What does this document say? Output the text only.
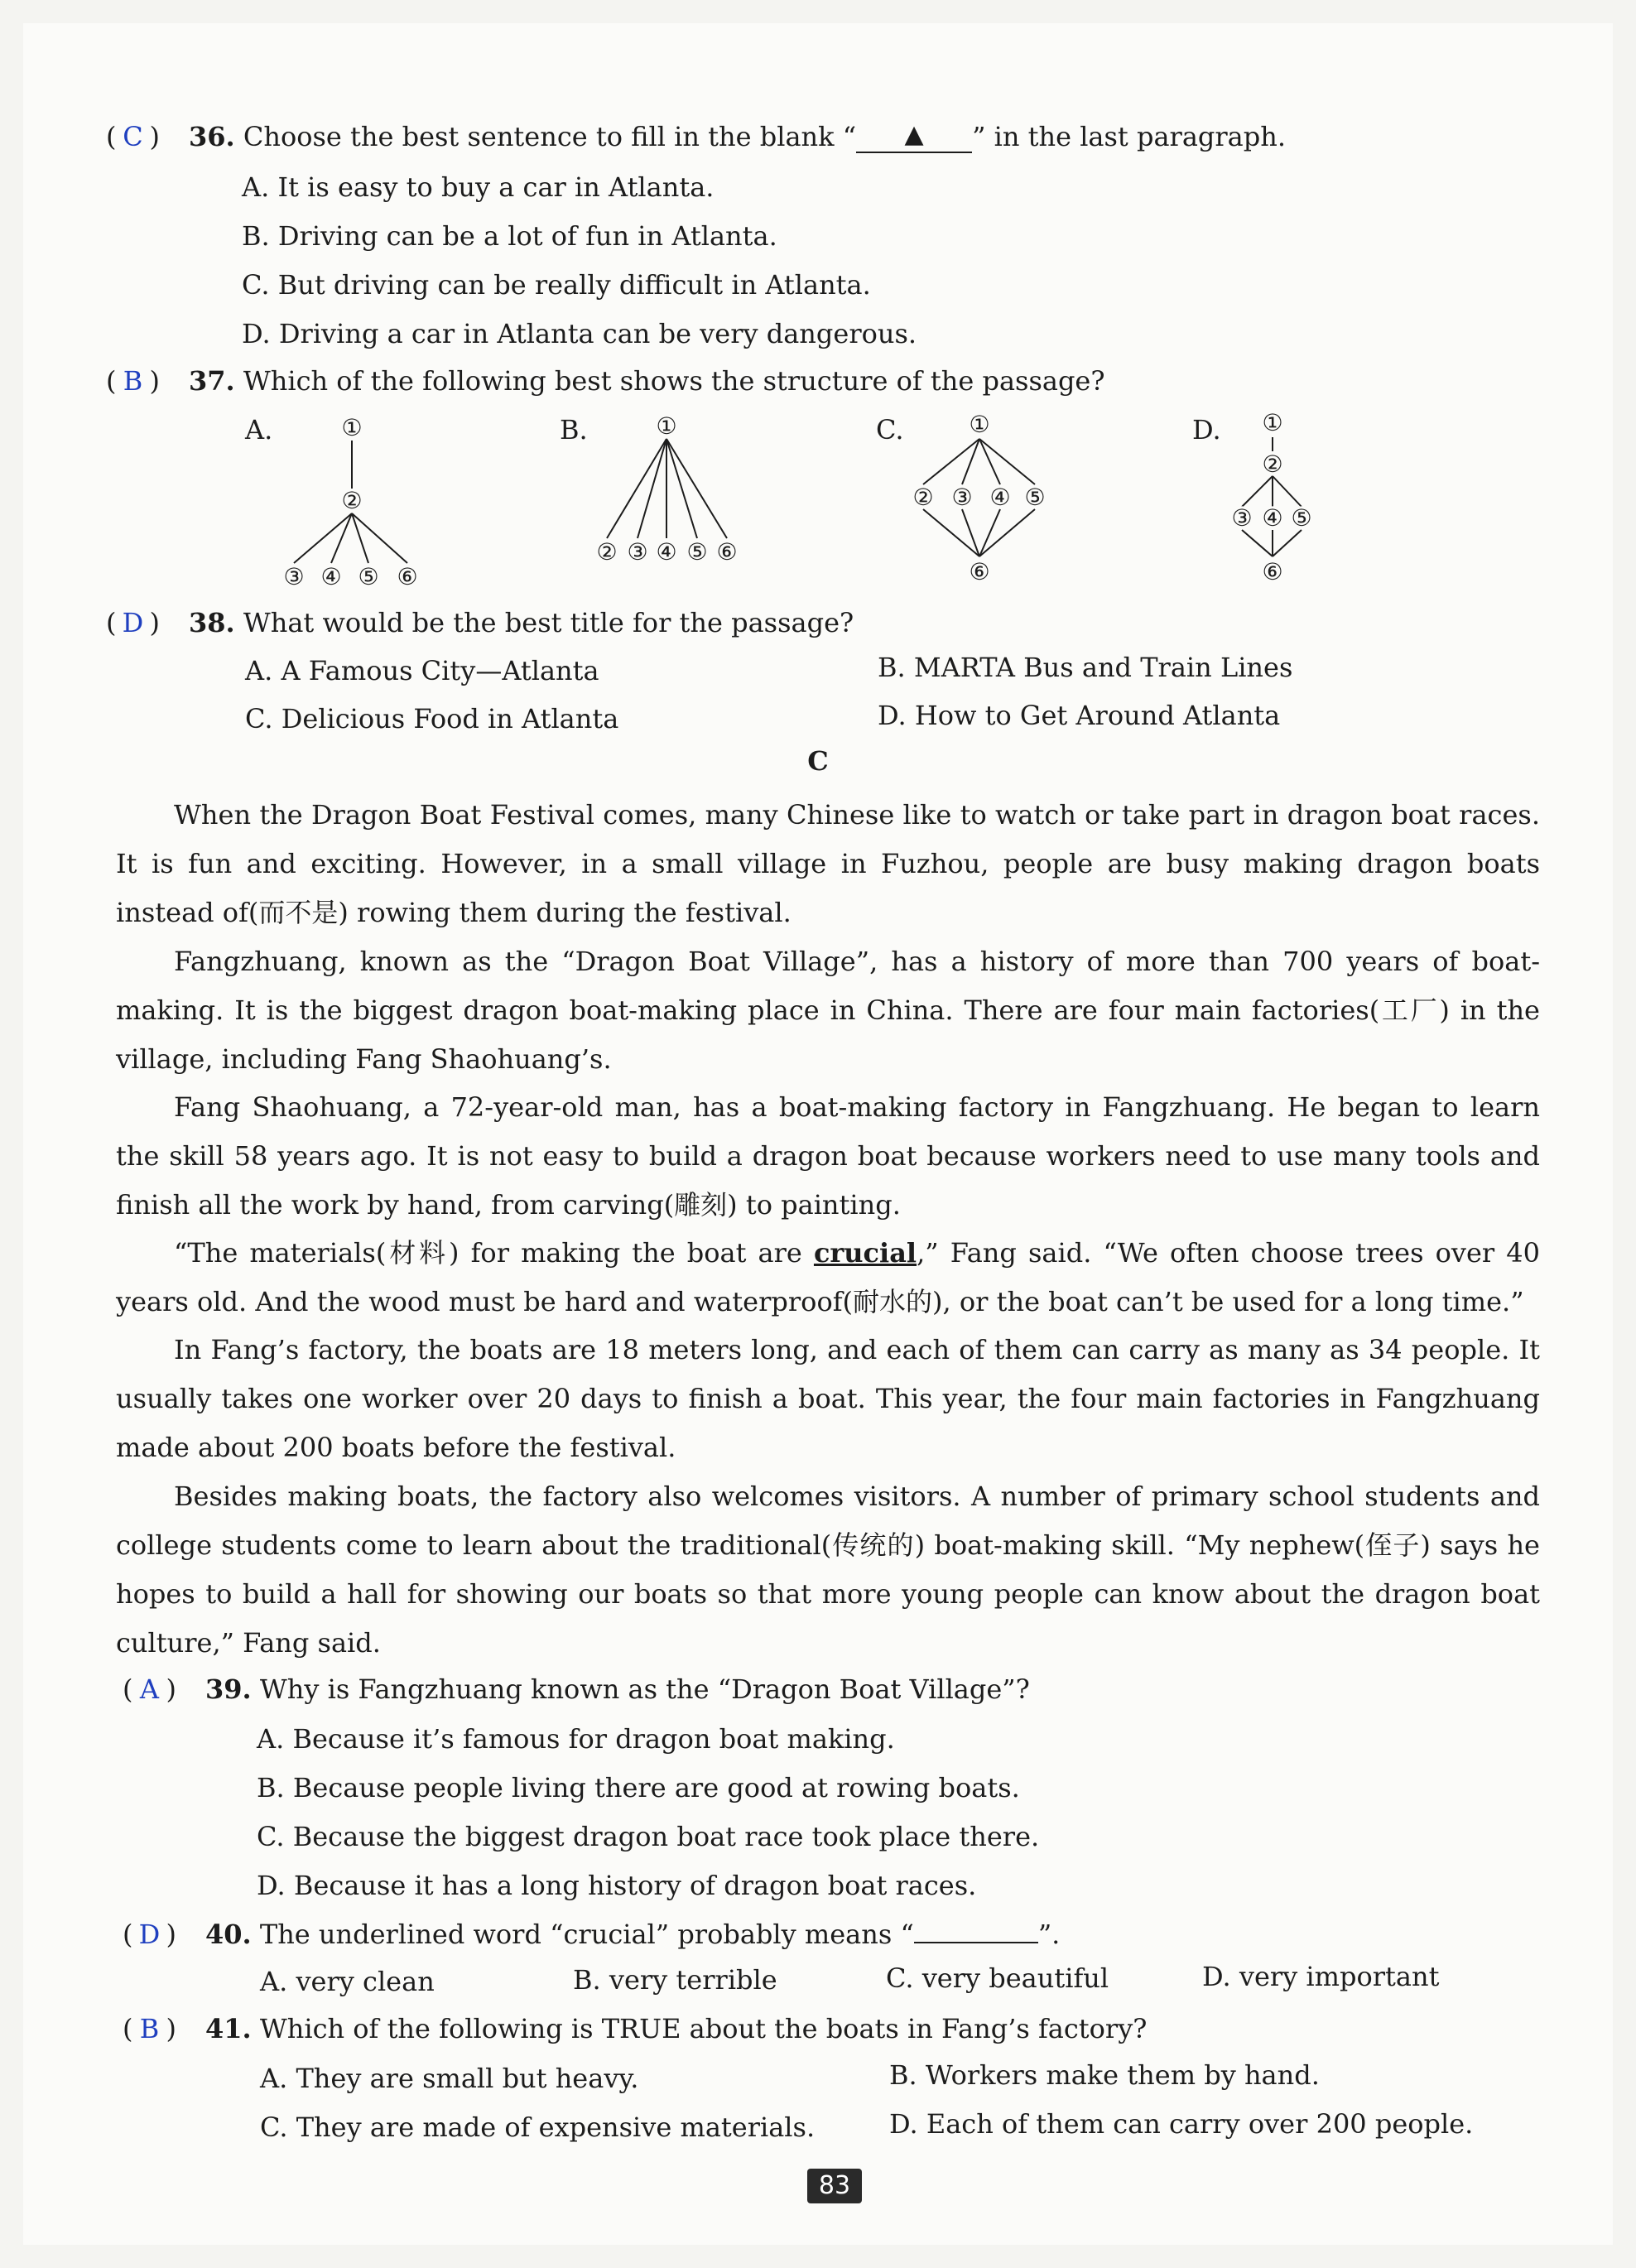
( C ) 36. Choose the best sentence to fill in the blank “ ▲ ” in the last paragraph.
A. It is easy to buy a car in Atlanta.
B. Driving can be a lot of fun in Atlanta.
C. But driving can be really difficult in Atlanta.
D. Driving a car in Atlanta can be very dangerous.
( B ) 37. Which of the following best shows the structure of the passage?
A.	B.	C.	D.
①
②
③ ④ ⑤ ⑥
①
② ③ ④ ⑤ ⑥
①
② ③ ④ ⑤
⑥
①
②
③ ④ ⑤
⑥
( D ) 38. What would be the best title for the passage?
A. A Famous City—Atlanta	B. MARTA Bus and Train Lines
C. Delicious Food in Atlanta	D. How to Get Around Atlanta
C
When the Dragon Boat Festival comes, many Chinese like to watch or take part in dragon boat races. It is fun and exciting. However, in a small village in Fuzhou, people are busy making dragon boats instead of(而不是) rowing them during the festival.
Fangzhuang, known as the “Dragon Boat Village”, has a history of more than 700 years of boat-making. It is the biggest dragon boat-making place in China. There are four main factories(工厂) in the village, including Fang Shaohuang’s.
Fang Shaohuang, a 72-year-old man, has a boat-making factory in Fangzhuang. He began to learn the skill 58 years ago. It is not easy to build a dragon boat because workers need to use many tools and finish all the work by hand, from carving(雕刻) to painting.
“The materials(材料) for making the boat are crucial,” Fang said. “We often choose trees over 40 years old. And the wood must be hard and waterproof(耐水的), or the boat can’t be used for a long time.”
In Fang’s factory, the boats are 18 meters long, and each of them can carry as many as 34 people. It usually takes one worker over 20 days to finish a boat. This year, the four main factories in Fangzhuang made about 200 boats before the festival.
Besides making boats, the factory also welcomes visitors. A number of primary school students and college students come to learn about the traditional(传统的) boat-making skill. “My nephew(侄子) says he hopes to build a hall for showing our boats so that more young people can know about the dragon boat culture,” Fang said.
( A ) 39. Why is Fangzhuang known as the “Dragon Boat Village”?
A. Because it’s famous for dragon boat making.
B. Because people living there are good at rowing boats.
C. Because the biggest dragon boat race took place there.
D. Because it has a long history of dragon boat races.
( D ) 40. The underlined word “crucial” probably means “	”.
A. very clean	B. very terrible	C. very beautiful	D. very important
( B ) 41. Which of the following is TRUE about the boats in Fang’s factory?
A. They are small but heavy.	B. Workers make them by hand.
C. They are made of expensive materials.	D. Each of them can carry over 200 people.
83
